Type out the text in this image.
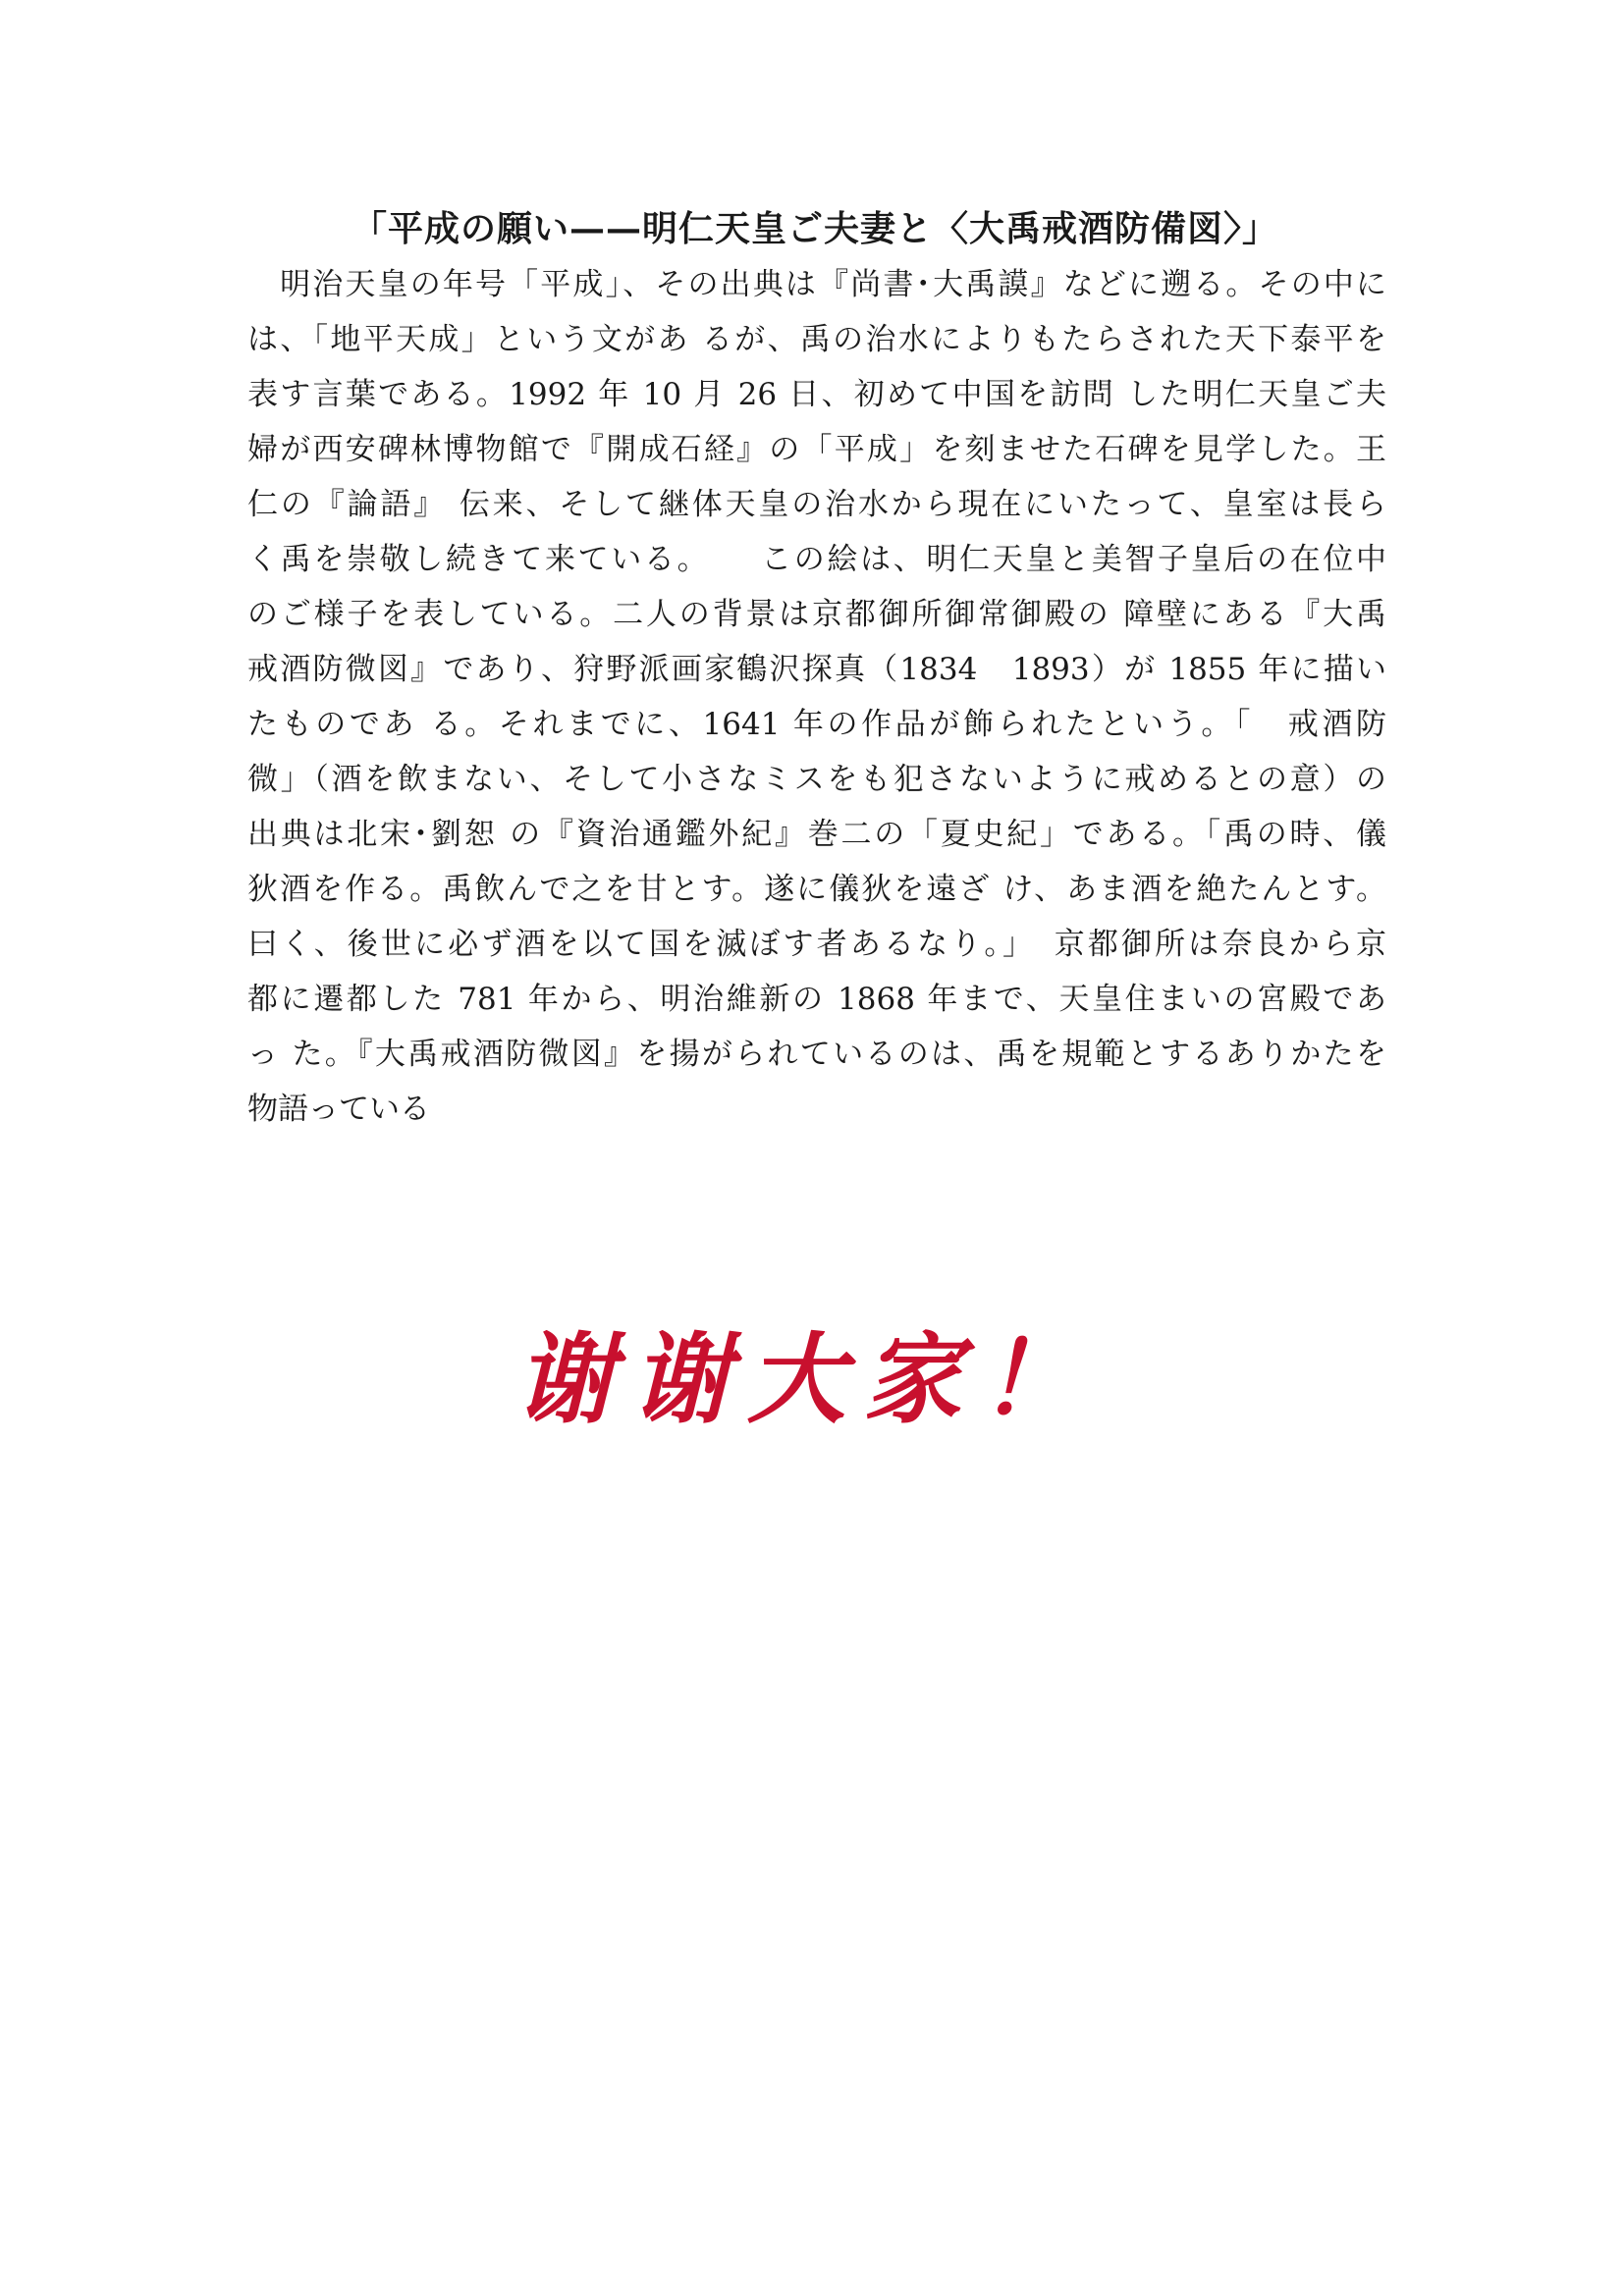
「平成の願い——明仁天皇ご夫妻と〈大禹戒酒防備図〉」
　明治天皇の年号「平成」、その出典は『尚書･大禹謨』などに遡る。その中に
は、「地平天成」という文があ るが、禹の治水によりもたらされた天下泰平を
表す言葉である。1992 年 10 月 26 日、初めて中国を訪問 した明仁天皇ご夫
婦が西安碑林博物館で『開成石経』の「平成」を刻ませた石碑を見学した。王
仁の『論語』 伝来、そして継体天皇の治水から現在にいたって、皇室は長ら
く禹を崇敬し続きて来ている。　　この絵は、明仁天皇と美智子皇后の在位中
のご様子を表している。二人の背景は京都御所御常御殿の 障壁にある『大禹
戒酒防微図』であり、狩野派画家鶴沢探真（1834　1893）が 1855 年に描い
たものであ る。それまでに、1641 年の作品が飾られたという。「　戒酒防
微」（酒を飲まない、そして小さなミスをも犯さないように戒めるとの意）の
出典は北宋･劉恕 の『資治通鑑外紀』巻二の「夏史紀」である。「禹の時、儀
狄酒を作る。禹飲んで之を甘とす。遂に儀狄を遠ざ け、あま酒を絶たんとす。
曰く、後世に必ず酒を以て国を滅ぼす者あるなり。」　京都御所は奈良から京
都に遷都した 781 年から、明治維新の 1868 年まで、天皇住まいの宮殿であ
っ た。『大禹戒酒防微図』を揚がられているのは、禹を規範とするありかたを
物語っている
谢谢大家！
